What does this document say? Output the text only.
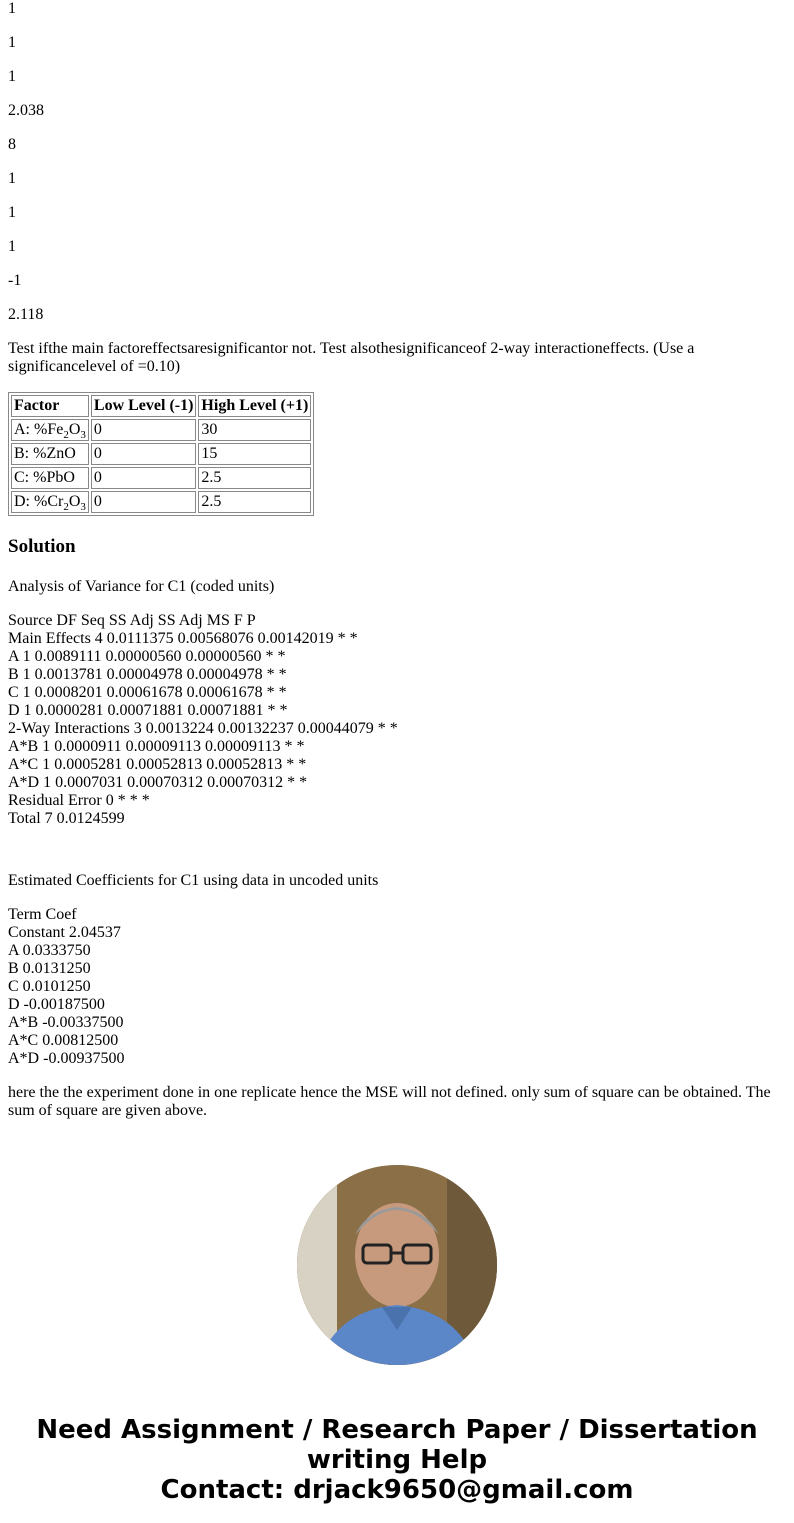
1
1
1
2.038
8
1
1
1
-1
2.118

Test ifthe main factoreffectsaresignificantor not. Test alsothesignificanceof 2-way interactioneffects. (Use a significancelevel of =0.10)

Factor	Low Level (-1)	High Level (+1)
A: $\%Fe_2O_3$	0	30
B: %ZnO	0	15
C: %PbO	0	2.5
D: $\%Cr_2O_3$	0	2.5
Solution

Analysis of Variance for C1 (coded units)

Source DF Seq SS Adj SS Adj MS F P
Main Effects 4 0.0111375 0.00568076 0.00142019 * *
A 1 0.0089111 0.00000560 0.00000560 * *
B 1 0.0013781 0.00004978 0.00004978 * *
C 1 0.0008201 0.00061678 0.00061678 * *
D 1 0.0000281 0.00071881 0.00071881 * *
2-Way Interactions 3 0.0013224 0.00132237 0.00044079 * *
A*B 1 0.0000911 0.00009113 0.00009113 * *
A*C 1 0.0005281 0.00052813 0.00052813 * *
A*D 1 0.0007031 0.00070312 0.00070312 * *
Residual Error 0 * * *
Total 7 0.0124599

Estimated Coefficients for C1 using data in uncoded units

Term Coef
Constant 2.04537
A 0.0333750
B 0.0131250
C 0.0101250
D -0.00187500
A*B -0.00337500
A*C 0.00812500
A*D -0.00937500

here the the experiment done in one replicate hence the MSE will not defined. only sum of square can be obtained. The sum of square are given above.

Need Assignment / Research Paper / Dissertation
writing Help
Contact: drjack9650@gmail.com
